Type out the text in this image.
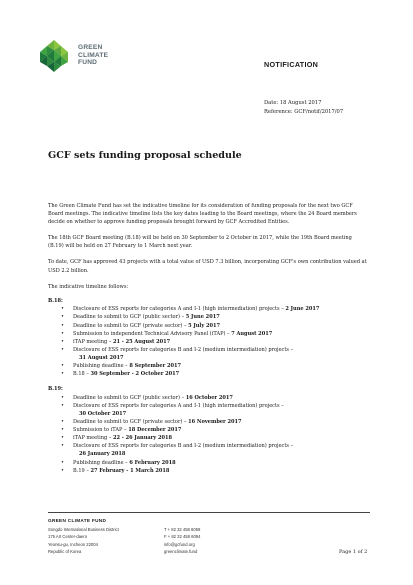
GREEN
CLIMATE
FUND	NOTIFICATION
Date: 18 August 2017
Reference: GCF/notif/2017/07
GCF sets funding proposal schedule

The Green Climate Fund has set the indicative timeline for its consideration of funding proposals for the next two GCF Board meetings. The indicative timeline lists the key dates leading to the Board meetings, where the 24 Board members decide on whether to approve funding proposals brought forward by GCF Accredited Entities.

The 18th GCF Board meeting (B.18) will be held on 30 September to 2 October in 2017, while the 19th Board meeting (B.19) will be held on 27 February to 1 March next year.

To date, GCF has approved 43 projects with a total value of USD 7.3 billion, incorporating GCF's own contribution valued at USD 2.2 billion.

The indicative timeline follows:

B.18:
• Disclosure of ESS reports for categories A and I-1 (high intermediation) projects – 2 June 2017
• Deadline to submit to GCF (public sector) – 5 June 2017
• Deadline to submit to GCF (private sector) – 5 July 2017
• Submission to independent Technical Advisory Panel (iTAP) – 7 August 2017
• iTAP meeting – 21 - 25 August 2017
• Disclosure of ESS reports for categories B and I-2 (medium intermediation) projects –
31 August 2017
• Publishing deadline – 8 September 2017
• B.18 – 30 September - 2 October 2017
B.19:
• Deadline to submit to GCF (public sector) – 16 October 2017
• Disclosure of ESS reports for categories A and I-1 (high intermediation) projects –
30 October 2017
• Deadline to submit to GCF (private sector) – 16 November 2017
• Submission to iTAP – 18 December 2017
• iTAP meeting – 22 - 26 January 2018
• Disclosure of ESS reports for categories B and I-2 (medium intermediation) projects –
26 January 2018
• Publishing deadline – 6 February 2018
• B.19 – 27 February - 1 March 2018
GREEN CLIMATE FUND
Songdo International Business District
175 Art Center-daero
Yeonsu-gu, Incheon 22004
Republic of Korea
T + 82 32 458 6059
F + 82 32 458 6094
info@gcfund.org
greenclimate.fund	Page 1 of 2
